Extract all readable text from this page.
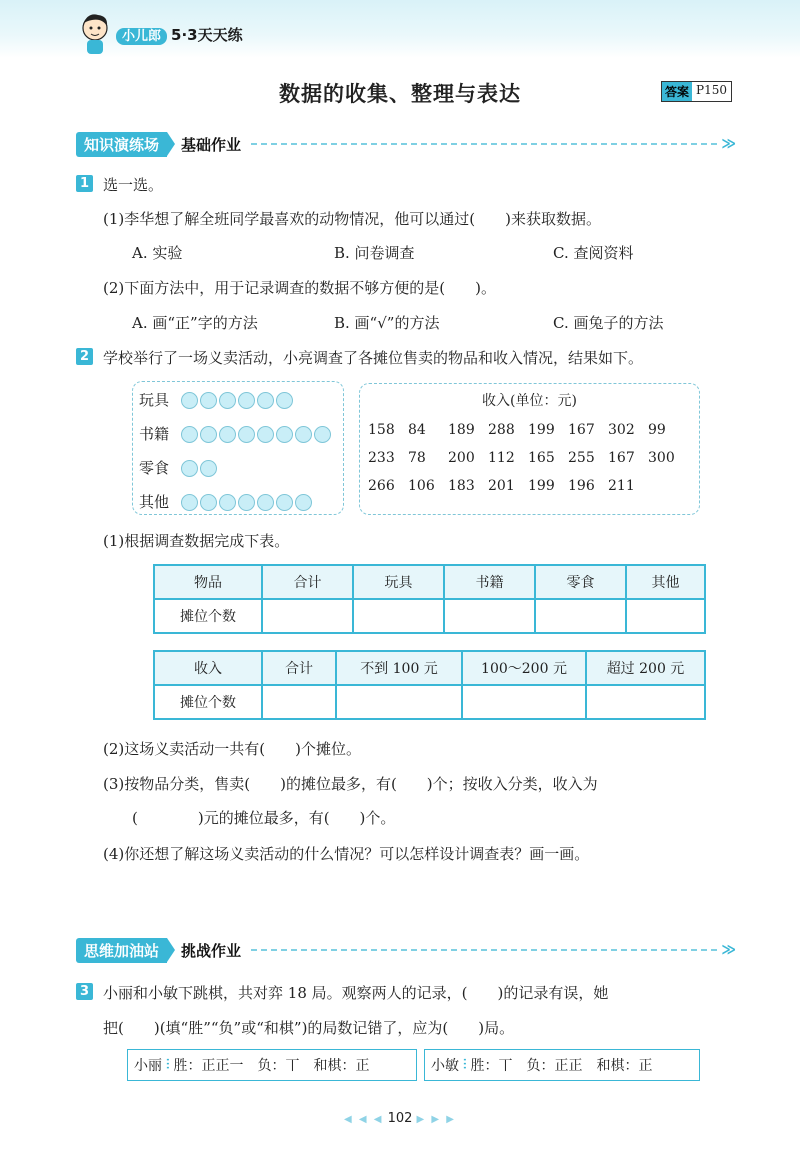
小儿郎 5·3天天练
数据的收集、整理与表达	答案 P150
知识演练场	基础作业	≫
1 选一选。
(1)李华想了解全班同学最喜欢的动物情况，他可以通过(　　)来获取数据。
A. 实验	B. 问卷调查	C. 查阅资料
(2)下面方法中，用于记录调查的数据不够方便的是(　　)。
A. 画“正”字的方法	B. 画“√”的方法	C. 画兔子的方法
2 学校举行了一场义卖活动，小亮调查了各摊位售卖的物品和收入情况，结果如下。
玩具
书籍
零食
其他
收入(单位：元)
158 84	189 288 199 167 302 99
233 78	200 112 165 255 167 300
266 106 183 201 199 196 211
(1)根据调查数据完成下表。
物品	合计	玩具	书籍	零食	其他
摊位个数					
收入	合计	不到 100 元	100～200 元	超过 200 元
摊位个数				
(2)这场义卖活动一共有(　　)个摊位。
(3)按物品分类，售卖(　　)的摊位最多，有(　　)个；按收入分类，收入为
(　　　　)元的摊位最多，有(　　)个。
(4)你还想了解这场义卖活动的什么情况？可以怎样设计调查表？画一画。
思维加油站	挑战作业	≫
3 小丽和小敏下跳棋，共对弈 18 局。观察两人的记录，(　　)的记录有误，她
把(　　)(填“胜”“负”或“和棋”)的局数记错了，应为(　　)局。
小丽 ⫶ 胜：正正一　负：丅　和棋：正	小敏 ⫶ 胜：丅　负：正正　和棋：正
◀ ◀ ◀ 102 ▶ ▶ ▶
